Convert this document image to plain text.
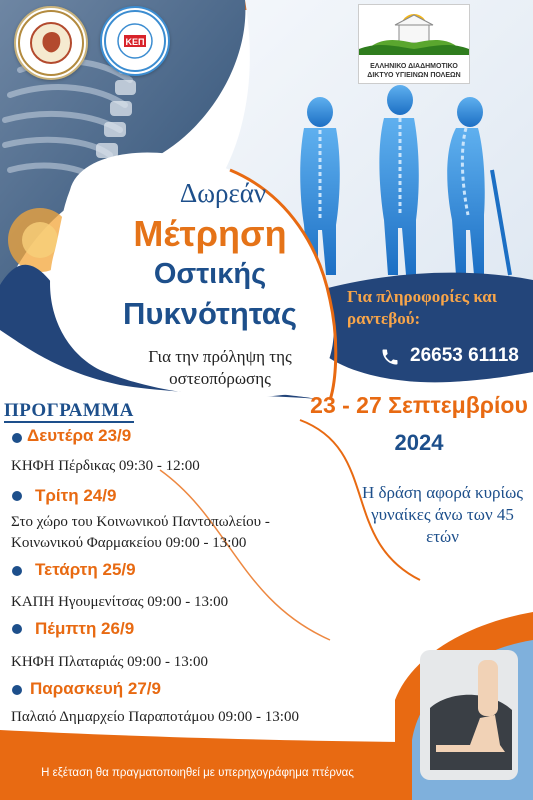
ΚΕΠ
ΕΛΛΗΝΙΚΟ ΔΙΑΔΗΜΟΤΙΚΟ
ΔΙΚΤΥΟ ΥΓΙΕΙΝΩΝ ΠΟΛΕΩΝ
Δωρεάν
Μέτρηση
Οστικής
Πυκνότητας
Για την πρόληψη της οστεοπόρωσης
Για πληροφορίες και ραντεβού:
26653 61118
23 - 27 Σεπτεμβρίου
2024
Η δράση αφορά κυρίως γυναίκες άνω των 45 ετών
ΠΡΟΓΡΑΜΜΑ
Δευτέρα 23/9
ΚΗΦΗ Πέρδικας 09:30 - 12:00
Τρίτη 24/9
Στο χώρο του Κοινωνικού Παντοπωλείου - Κοινωνικού Φαρμακείου 09:00 - 13:00
Τετάρτη 25/9
ΚΑΠΗ Ηγουμενίτσας 09:00 - 13:00
Πέμπτη 26/9
ΚΗΦΗ Πλαταριάς 09:00 - 13:00
Παρασκευή 27/9
Παλαιό Δημαρχείο Παραποτάμου 09:00 - 13:00
Η εξέταση θα πραγματοποιηθεί με υπερηχογράφημα πτέρνας
